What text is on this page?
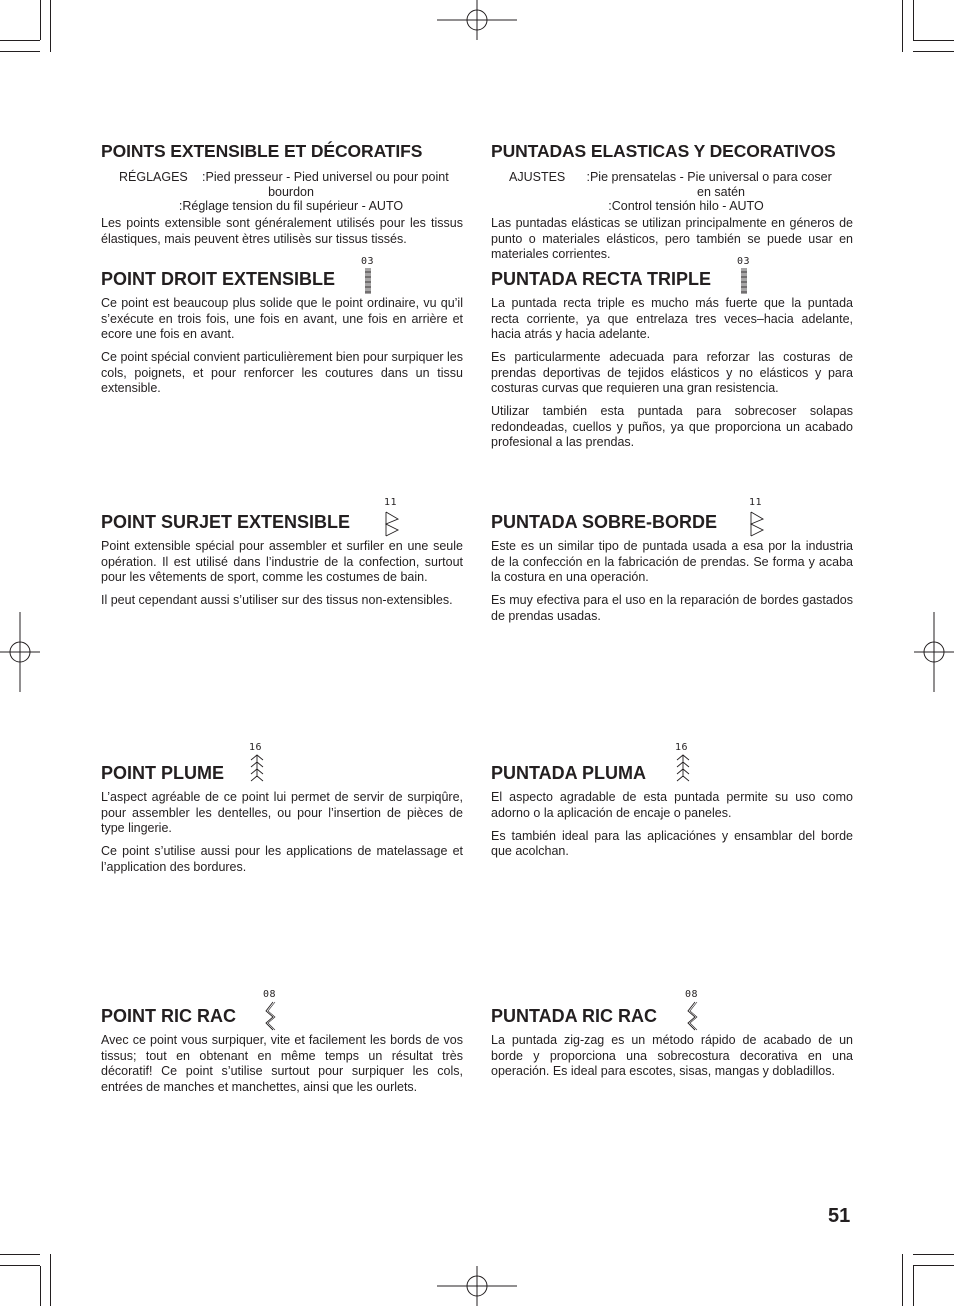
POINTS EXTENSIBLE ET DÉCORATIFS
RÉGLAGES	:Pied presseur - Pied universel ou pour point
bourdon
:Réglage tension du fil supérieur - AUTO

Les points extensible sont généralement utilisés pour les tissus élastiques, mais peuvent ètres utilisès sur tissus tissés.

POINT DROIT EXTENSIBLE
03

Ce point est beaucoup plus solide que le point ordinaire, vu qu’il s’exécute en trois fois, une fois en avant, une fois en arrière et ecore une fois en avant.

Ce point spécial convient particulièrement bien pour surpiquer les cols, poignets, et pour renforcer les coutures dans un tissu extensible.

POINT SURJET EXTENSIBLE
11

Point extensible spécial pour assembler et surfiler en une seule opération. Il est utilisé dans l’industrie de la confection, surtout pour les vêtements de sport, comme les costumes de bain.

Il peut cependant aussi s’utiliser sur des tissus non-extensibles.

POINT PLUME
16

L’aspect agréable de ce point lui permet de servir de surpiqûre, pour assembler les dentelles, ou pour l’insertion de pièces de type lingerie.

Ce point s’utilise aussi pour les applications de matelassage et l’application des bordures.

POINT RIC RAC
08

Avec ce point vous surpiquer, vite et facilement les bords de vos tissus; tout en obtenant en même temps un résultat très décoratif! Ce point s’utilise surtout pour surpiquer les cols, entrées de manches et manchettes, ainsi que les ourlets.

PUNTADAS ELASTICAS Y DECORATIVOS
AJUSTES	:Pie prensatelas - Pie universal o para coser
en satén
:Control tensión hilo - AUTO

Las puntadas elásticas se utilizan principalmente en géneros de punto o materiales elásticos, pero también se puede usar en materiales corrientes.

PUNTADA RECTA TRIPLE
03

La puntada recta triple es mucho más fuerte que la puntada recta corriente, ya que entrelaza tres veces–hacia adelante, hacia atrás y hacia adelante.

Es particularmente adecuada para reforzar las costuras de prendas deportivas de tejidos elásticos y no elásticos y para costuras curvas que requieren una gran resistencia.

Utilizar también esta puntada para sobrecoser solapas redondeadas, cuellos y puños, ya que proporciona un acabado profesional a las prendas.

PUNTADA SOBRE-BORDE
11

Este es un similar tipo de puntada usada a esa por la industria de la confección en la fabricación de prendas. Se forma y acaba la costura en una operación.

Es muy efectiva para el uso en la reparación de bordes gastados de prendas usadas.

PUNTADA PLUMA
16

El aspecto agradable de esta puntada permite su uso como adorno o la aplicación de encaje o paneles.

Es también ideal para las aplicaciónes y ensamblar del borde que acolchan.

PUNTADA RIC RAC
08

La puntada zig-zag es un método rápido de acabado de un borde y proporciona una sobrecostura decorativa en una operación. Es ideal para escotes, sisas, mangas y dobladillos.

51
